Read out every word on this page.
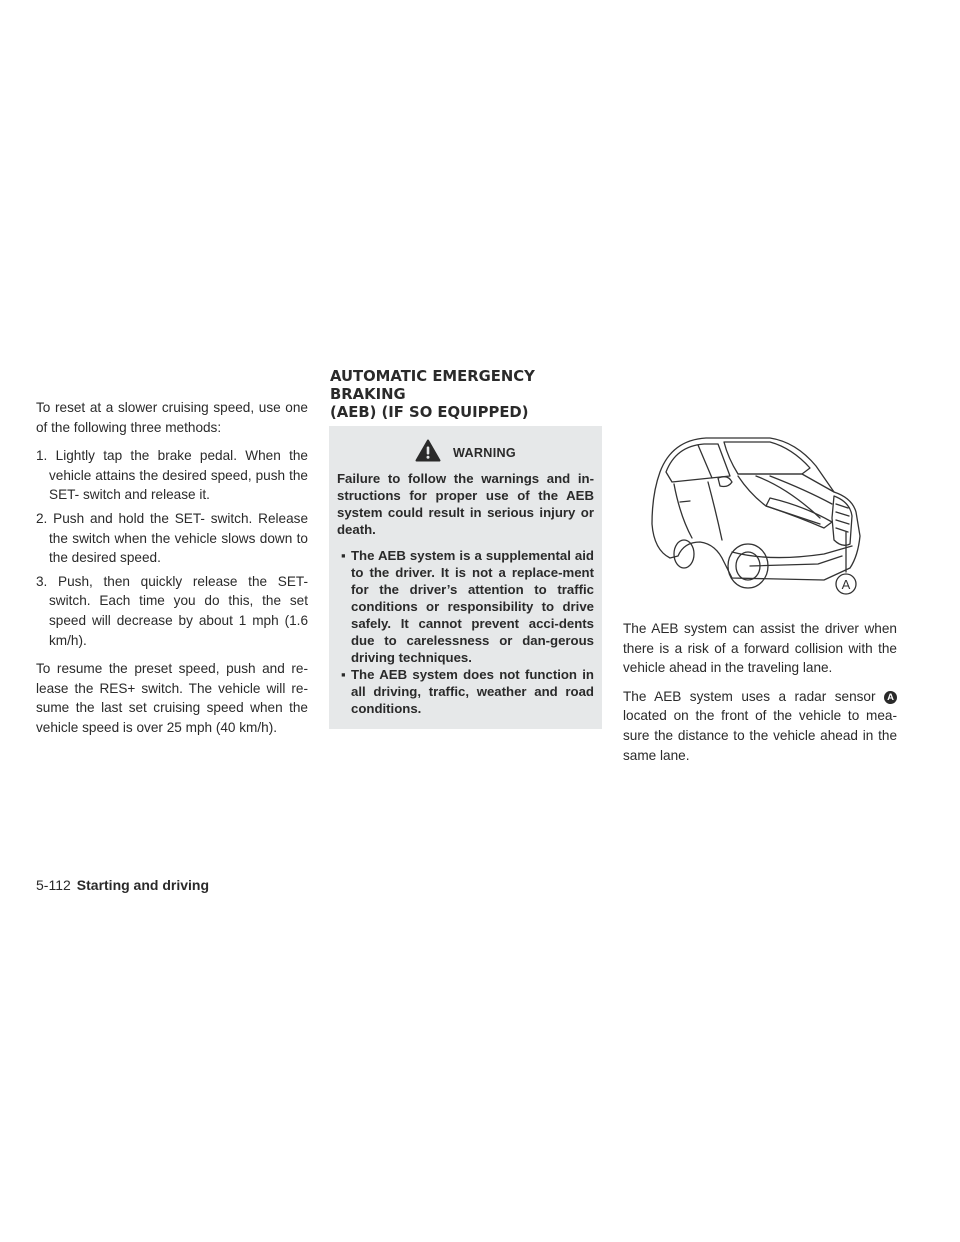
To reset at a slower cruising speed, use one of the following three methods:

1. Lightly tap the brake pedal. When the vehicle attains the desired speed, push the SET- switch and release it.
2. Push and hold the SET- switch. Release the switch when the vehicle slows down to the desired speed.
3. Push, then quickly release the SET- switch. Each time you do this, the set speed will decrease by about 1 mph (1.6 km/h).

To resume the preset speed, push and re-lease the RES+ switch. The vehicle will re-sume the last set cruising speed when the vehicle speed is over 25 mph (40 km/h).

AUTOMATIC EMERGENCY BRAKING
(AEB) (IF SO EQUIPPED)
WARNING

Failure to follow the warnings and in-structions for proper use of the AEB system could result in serious injury or death.

▪ The AEB system is a supplemental aid to the driver. It is not a replace-ment for the driver’s attention to traffic conditions or responsibility to drive safely. It cannot prevent acci-dents due to carelessness or dan-gerous driving techniques.
▪ The AEB system does not function in all driving, traffic, weather and road conditions.
A

The AEB system can assist the driver when there is a risk of a forward collision with the vehicle ahead in the traveling lane.

The AEB system uses a radar sensor A located on the front of the vehicle to mea-sure the distance to the vehicle ahead in the same lane.

5-112 Starting and driving
